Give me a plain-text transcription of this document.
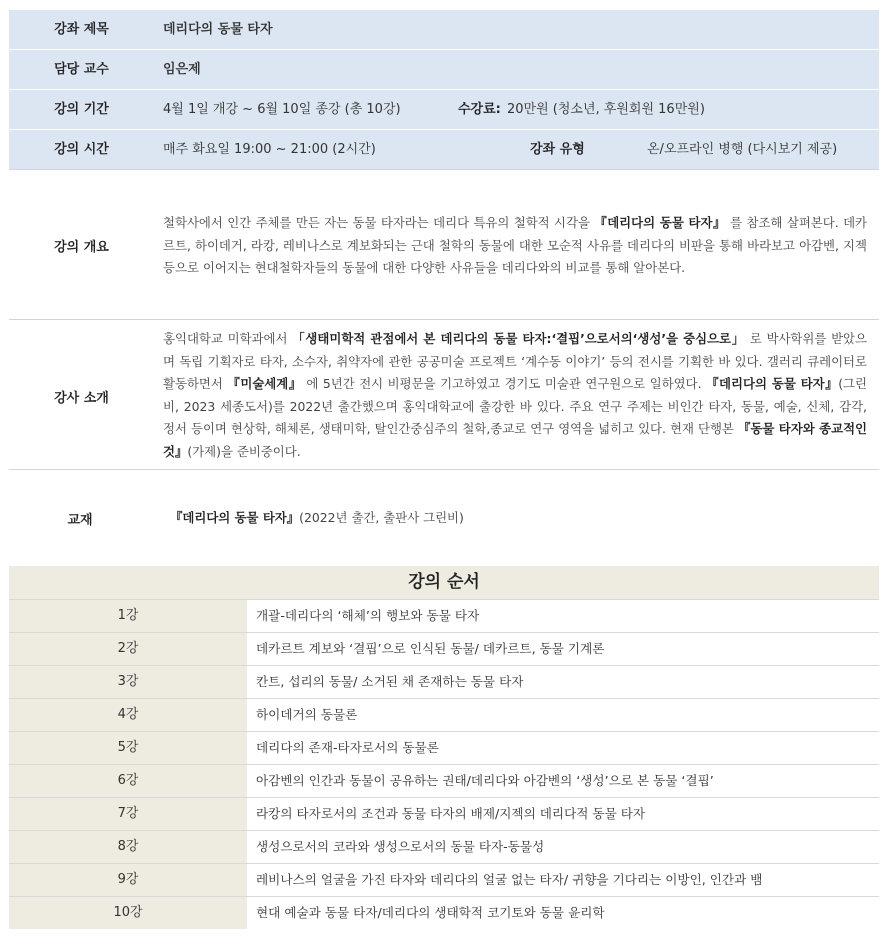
강좌 제목	데리다의 동물 타자
담당 교수	임은제
강의 기간	4월 1일 개강 ~ 6월 10일 종강 (총 10강)	수강료: 20만원 (청소년, 후원회원 16만원)
강의 시간	매주 화요일 19:00 ~ 21:00 (2시간)	강좌 유형	온/오프라인 병행 (다시보기 제공)
강의 개요
철학사에서 인간 주체를 만든 자는 동물 타자라는 데리다 특유의 철학적 시각을 『데리다의 동물 타자』 를 참조해 살펴본다. 데카르트, 하이데거, 라캉, 레비나스로 계보화되는 근대 철학의 동물에 대한 모순적 사유를 데리다의 비판을 통해 바라보고 아감벤, 지젝 등으로 이어지는 현대철학자들의 동물에 대한 다양한 사유들을 데리다와의 비교를 통해 알아본다.
강사 소개
홍익대학교 미학과에서 「생태미학적 관점에서 본 데리다의 동물 타자:‘결핍’으로서의‘생성’을 중심으로」 로 박사학위를 받았으며 독립 기획자로 타자, 소수자, 취약자에 관한 공공미술 프로젝트 ‘계수동 이야기’ 등의 전시를 기획한 바 있다. 갤러리 큐레이터로 활동하면서 『미술세계』 에 5년간 전시 비평문을 기고하였고 경기도 미술관 연구원으로 일하였다. 『데리다의 동물 타자』(그린비, 2023 세종도서)를 2022년 출간했으며 홍익대학교에 출강한 바 있다. 주요 연구 주제는 비인간 타자, 동물, 예술, 신체, 감각, 정서 등이며 현상학, 해체론, 생태미학, 탈인간중심주의 철학,종교로 연구 영역을 넓히고 있다. 현재 단행본 『동물 타자와 종교적인 것』(가제)을 준비중이다.
교재	『데리다의 동물 타자』(2022년 출간, 출판사 그린비)
강의 순서
1강	개괄-데리다의 ‘해체’의 행보와 동물 타자
2강	데카르트 계보와 ‘결핍’으로 인식된 동물/ 데카르트, 동물 기계론
3강	칸트, 섭리의 동물/ 소거된 채 존재하는 동물 타자
4강	하이데거의 동물론
5강	데리다의 존재-타자로서의 동물론
6강	아감벤의 인간과 동물이 공유하는 권태/데리다와 아감벤의 ‘생성’으로 본 동물 ‘결핍’
7강	라캉의 타자로서의 조건과 동물 타자의 배제/지젝의 데리다적 동물 타자
8강	생성으로서의 코라와 생성으로서의 동물 타자-동물성
9강	레비나스의 얼굴을 가진 타자와 데리다의 얼굴 없는 타자/ 귀향을 기다리는 이방인, 인간과 뱀
10강	현대 예술과 동물 타자/데리다의 생태학적 코기토와 동물 윤리학
